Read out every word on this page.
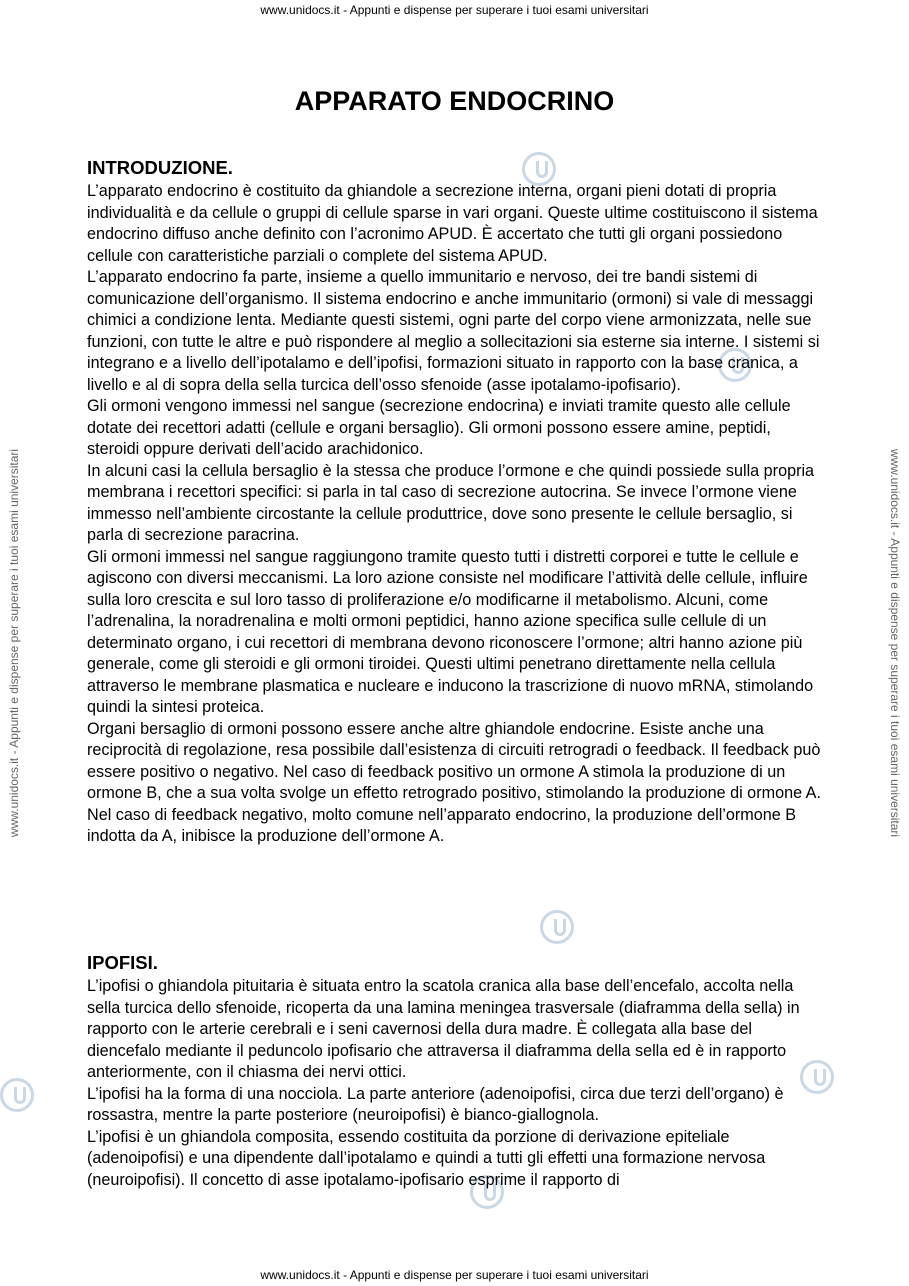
www.unidocs.it - Appunti e dispense per superare i tuoi esami universitari
www.unidocs.it - Appunti e dispense per superare i tuoi esami universitari
www.unidocs.it - Appunti e dispense per superare i tuoi esami universitari	www.unidocs.it - Appunti e dispense per superare i tuoi esami universitari
APPARATO ENDOCRINO
INTRODUZIONE.

L’apparato endocrino è costituito da ghiandole a secrezione interna, organi pieni dotati di propria individualità e da cellule o gruppi di cellule sparse in vari organi. Queste ultime costituiscono il sistema endocrino diffuso anche definito con l’acronimo APUD. È accertato che tutti gli organi possiedono cellule con caratteristiche parziali o complete del sistema APUD.

L’apparato endocrino fa parte, insieme a quello immunitario e nervoso, dei tre bandi sistemi di comunicazione dell’organismo. Il sistema endocrino e anche immunitario (ormoni) si vale di messaggi chimici a condizione lenta. Mediante questi sistemi, ogni parte del corpo viene armonizzata, nelle sue funzioni, con tutte le altre e può rispondere al meglio a sollecitazioni sia esterne sia interne. I sistemi si integrano e a livello dell’ipotalamo e dell’ipofisi, formazioni situato in rapporto con la base cranica, a livello e al di sopra della sella turcica dell’osso sfenoide (asse ipotalamo-ipofisario).

Gli ormoni vengono immessi nel sangue (secrezione endocrina) e inviati tramite questo alle cellule dotate dei recettori adatti (cellule e organi bersaglio). Gli ormoni possono essere amine, peptidi, steroidi oppure derivati dell’acido arachidonico.

In alcuni casi la cellula bersaglio è la stessa che produce l’ormone e che quindi possiede sulla propria membrana i recettori specifici: si parla in tal caso di secrezione autocrina. Se invece l’ormone viene immesso nell’ambiente circostante la cellule produttrice, dove sono presente le cellule bersaglio, si parla di secrezione paracrina.

Gli ormoni immessi nel sangue raggiungono tramite questo tutti i distretti corporei e tutte le cellule e agiscono con diversi meccanismi. La loro azione consiste nel modificare l’attività delle cellule, influire sulla loro crescita e sul loro tasso di proliferazione e/o modificarne il metabolismo. Alcuni, come l’adrenalina, la noradrenalina e molti ormoni peptidici, hanno azione specifica sulle cellule di un determinato organo, i cui recettori di membrana devono riconoscere l’ormone; altri hanno azione più generale, come gli steroidi e gli ormoni tiroidei. Questi ultimi penetrano direttamente nella cellula attraverso le membrane plasmatica e nucleare e inducono la trascrizione di nuovo mRNA, stimolando quindi la sintesi proteica.

Organi bersaglio di ormoni possono essere anche altre ghiandole endocrine. Esiste anche una reciprocità di regolazione, resa possibile dall’esistenza di circuiti retrogradi o feedback. Il feedback può essere positivo o negativo. Nel caso di feedback positivo un ormone A stimola la produzione di un ormone B, che a sua volta svolge un effetto retrogrado positivo, stimolando la produzione di ormone A. Nel caso di feedback negativo, molto comune nell’apparato endocrino, la produzione dell’ormone B indotta da A, inibisce la produzione dell’ormone A.

IPOFISI.

L’ipofisi o ghiandola pituitaria è situata entro la scatola cranica alla base dell’encefalo, accolta nella sella turcica dello sfenoide, ricoperta da una lamina meningea trasversale (diaframma della sella) in rapporto con le arterie cerebrali e i seni cavernosi della dura madre. È collegata alla base del diencefalo mediante il peduncolo ipofisario che attraversa il diaframma della sella ed è in rapporto anteriormente, con il chiasma dei nervi ottici.

L’ipofisi ha la forma di una nocciola. La parte anteriore (adenoipofisi, circa due terzi dell’organo) è rossastra, mentre la parte posteriore (neuroipofisi) è bianco-giallognola.

L’ipofisi è un ghiandola composita, essendo costituita da porzione di derivazione epiteliale (adenoipofisi) e una dipendente dall’ipotalamo e quindi a tutti gli effetti una formazione nervosa (neuroipofisi). Il concetto di asse ipotalamo-ipofisario esprime il rapporto di
